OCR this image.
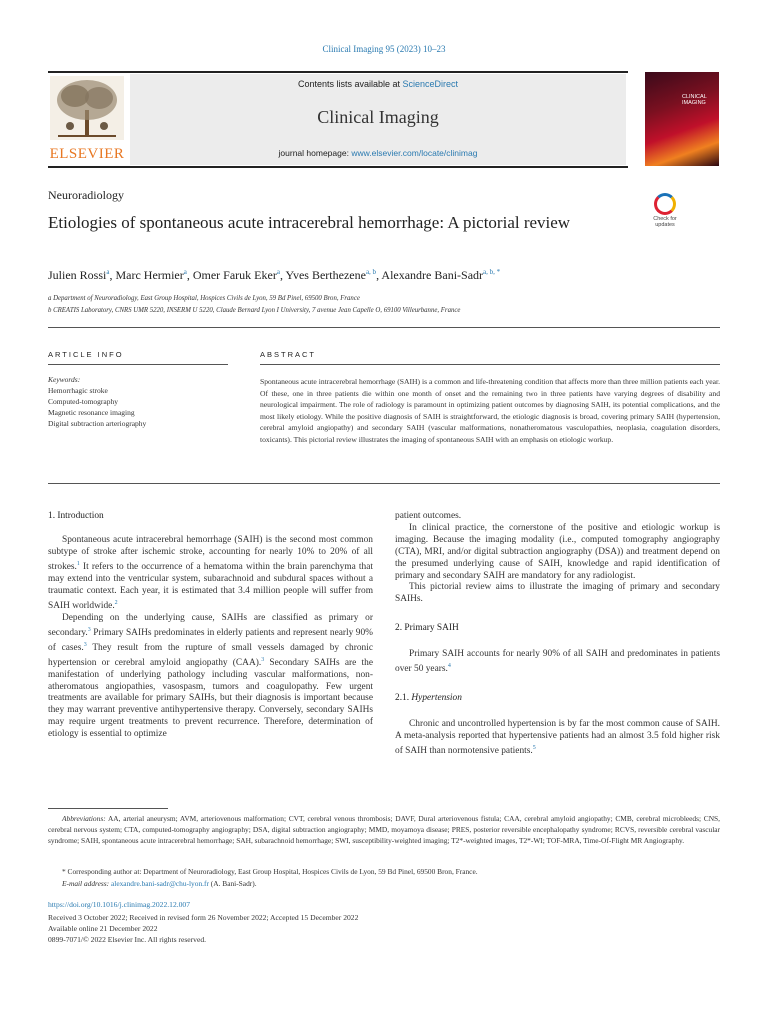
Clinical Imaging 95 (2023) 10–23
ELSEVIER
Contents lists available at ScienceDirect
Clinical Imaging
journal homepage: www.elsevier.com/locate/clinimag
CLINICAL IMAGING
Neuroradiology
Etiologies of spontaneous acute intracerebral hemorrhage: A pictorial review	Check for updates
Julien Rossi$^a$, Marc Hermier$^a$, Omer Faruk Eker$^a$, Yves Berthezene$^{a, b}$, Alexandre Bani-Sadr$^{a, b, *}$
a Department of Neuroradiology, East Group Hospital, Hospices Civils de Lyon, 59 Bd Pinel, 69500 Bron, France
b CREATIS Laboratory, CNRS UMR 5220, INSERM U 5220, Claude Bernard Lyon I University, 7 avenue Jean Capelle O, 69100 Villeurbanne, France
ARTICLE INFO	ABSTRACT
Keywords:
Hemorrhagic stroke
Computed-tomography
Magnetic resonance imaging
Digital subtraction arteriography
Spontaneous acute intracerebral hemorrhage (SAIH) is a common and life-threatening condition that affects more than three million patients each year. Of these, one in three patients die within one month of onset and the remaining two in three patients have varying degrees of disability and neurological impairment. The role of radiology is paramount in optimizing patient outcomes by diagnosing SAIH, its potential complications, and the most likely etiology. While the positive diagnosis of SAIH is straightforward, the etiologic diagnosis is broad, covering primary SAIH (hypertension, cerebral amyloid angiopathy) and secondary SAIH (vascular malformations, nonatheromatous vasculopathies, neoplasia, coagulation disorders, toxicants). This pictorial review illustrates the imaging of spontaneous SAIH with an emphasis on etiologic workup.
1. Introduction

Spontaneous acute intracerebral hemorrhage (SAIH) is the second most common subtype of stroke after ischemic stroke, accounting for nearly 10% to 20% of all strokes.$^1$ It refers to the occurrence of a hematoma within the brain parenchyma that may extend into the ventricular system, subarachnoid and subdural spaces without a traumatic context. Each year, it is estimated that 3.4 million people will suffer from SAIH worldwide.$^2$

Depending on the underlying cause, SAIHs are classified as primary or secondary.$^3$ Primary SAIHs predominates in elderly patients and represent nearly 90% of cases.$^3$ They result from the rupture of small vessels damaged by chronic hypertension or cerebral amyloid angiopathy (CAA).$^3$ Secondary SAIHs are the manifestation of underlying pathology including vascular malformations, non-atheromatous angiopathies, vasospasm, tumors and coagulopathy. Few urgent treatments are available for primary SAIHs, but their diagnosis is important because they may warrant preventive antihypertensive therapy. Conversely, secondary SAIHs may require urgent treatments to prevent recurrence. Therefore, determination of etiology is essential to optimize

patient outcomes.

In clinical practice, the cornerstone of the positive and etiologic workup is imaging. Because the imaging modality (i.e., computed tomography angiography (CTA), MRI, and/or digital subtraction angiography (DSA)) and treatment depend on the presumed underlying cause of SAIH, knowledge and rapid identification of primary and secondary SAIH are mandatory for any radiologist.

This pictorial review aims to illustrate the imaging of primary and secondary SAIHs.

2. Primary SAIH

Primary SAIH accounts for nearly 90% of all SAIH and predominates in patients over 50 years.$^4$

2.1. Hypertension

Chronic and uncontrolled hypertension is by far the most common cause of SAIH. A meta-analysis reported that hypertensive patients had an almost 3.5 fold higher risk of SAIH than normotensive patients.$^5$

Abbreviations: AA, arterial aneurysm; AVM, arteriovenous malformation; CVT, cerebral venous thrombosis; DAVF, Dural arteriovenous fistula; CAA, cerebral amyloid angiopathy; CMB, cerebral microbleeds; CNS, cerebral nervous system; CTA, computed-tomography angiography; DSA, digital subtraction angiography; MMD, moyamoya disease; PRES, posterior reversible encephalopathy syndrome; RCVS, reversible cerebral vascular syndrome; SAIH, spontaneous acute intracerebral hemorrhage; SAH, subarachnoid hemorrhage; SWI, susceptibility-weighted imaging; T2*-weighted images, T2*-WI; TOF-MRA, Time-Of-Flight MR Angiography.
* Corresponding author at: Department of Neuroradiology, East Group Hospital, Hospices Civils de Lyon, 59 Bd Pinel, 69500 Bron, France.
E-mail address: alexandre.bani-sadr@chu-lyon.fr (A. Bani-Sadr).
https://doi.org/10.1016/j.clinimag.2022.12.007
Received 3 October 2022; Received in revised form 26 November 2022; Accepted 15 December 2022
Available online 21 December 2022
0899-7071/© 2022 Elsevier Inc. All rights reserved.
